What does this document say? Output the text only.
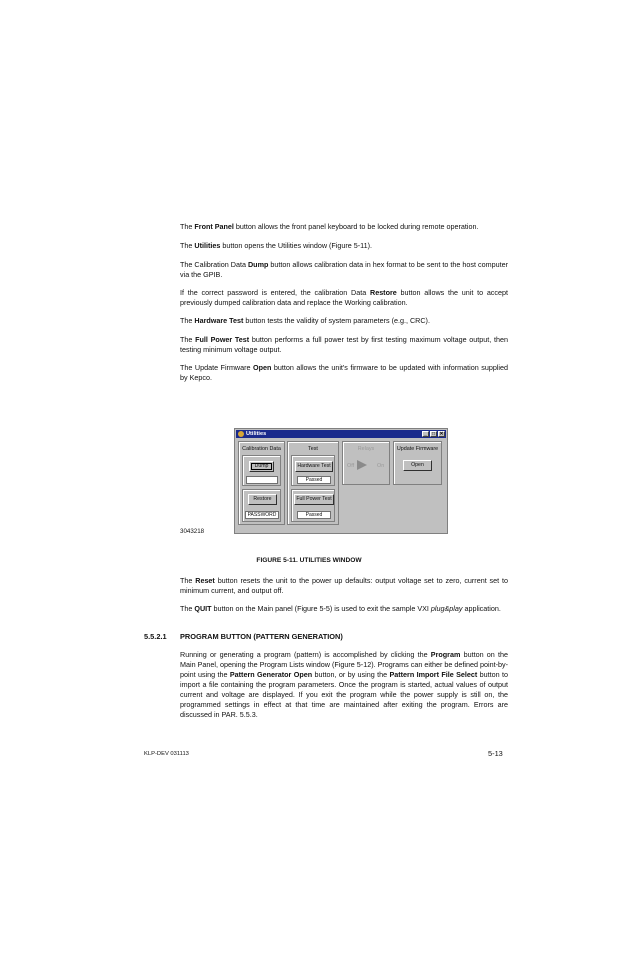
The Front Panel button allows the front panel keyboard to be locked during remote operation.

The Utilities button opens the Utilities window (Figure 5-11).

The Calibration Data Dump button allows calibration data in hex format to be sent to the host computer via the GPIB.

If the correct password is entered, the calibration Data Restore button allows the unit to accept previously dumped calibration data and replace the Working calibration.

The Hardware Test button tests the validity of system parameters (e.g., CRC).

The Full Power Test button performs a full power test by first testing maximum voltage output, then testing minimum voltage output.

The Update Firmware Open button allows the unit's firmware to be updated with information supplied by Kepco.

Utilities	_	□ ✕
Calibration Data
Dump
Restore
PASSWORD
Test
Hardware Test
Passed
Full Power Test
Passed
Relays
Off	On
Update Firmware
Open
3043218
FIGURE 5-11. UTILITIES WINDOW

The Reset button resets the unit to the power up defaults: output voltage set to zero, current set to minimum current, and output off.

The QUIT button on the Main panel (Figure 5-5) is used to exit the sample VXI plug&play application.

5.5.2.1 PROGRAM BUTTON (PATTERN GENERATION)

Running or generating a program (pattern) is accomplished by clicking the Program button on the Main Panel, opening the Program Lists window (Figure 5-12). Programs can either be defined point-by-point using the Pattern Generator Open button, or by using the Pattern Import File Select button to import a file containing the program parameters. Once the program is started, actual values of output current and voltage are displayed. If you exit the program while the power supply is still on, the programmed settings in effect at that time are maintained after exiting the program. Errors are discussed in PAR. 5.5.3.

KLP-DEV 031113	5-13
